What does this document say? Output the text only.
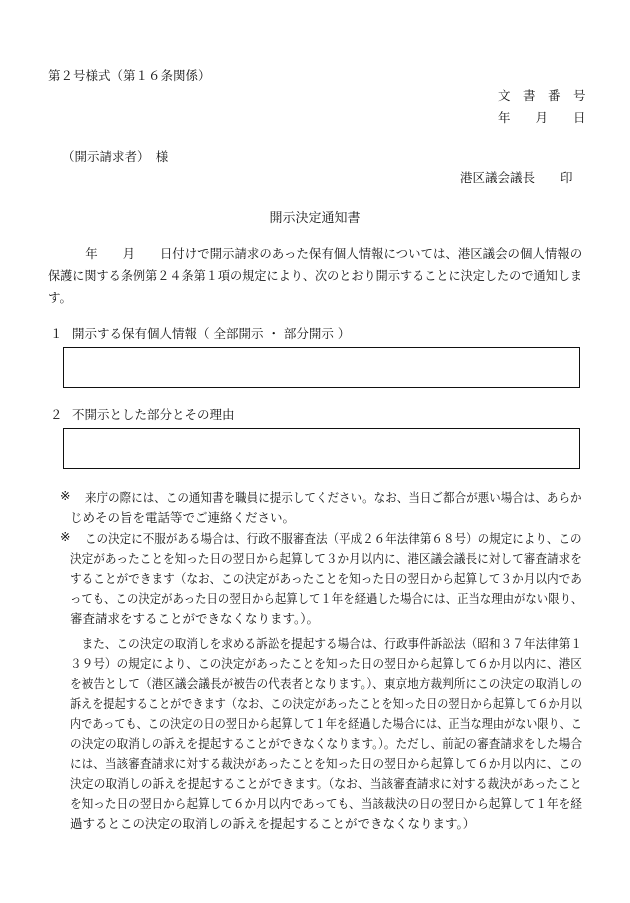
第２号様式（第１６条関係）
文　書　番　号
年　　月　　日
（開示請求者）　様
港区議会議長　　印
開示決定通知書
　　　年　　月　　日付けで開示請求のあった保有個人情報については、港区議会の個人情報の
保護に関する条例第２４条第１項の規定により、次のとおり開示することに決定したので通知しま
す。
１ 開示する保有個人情報（ 全部開示 ・ 部分開示 ）
２ 不開示とした部分とその理由
※ 来庁の際には、この通知書を職員に提示してください。なお、当日ご都合が悪い場合は、あらか
じめその旨を電話等でご連絡ください。
※ この決定に不服がある場合は、行政不服審査法（平成２６年法律第６８号）の規定により、この
決定があったことを知った日の翌日から起算して３か月以内に、港区議会議長に対して審査請求を
することができます（なお、この決定があったことを知った日の翌日から起算して３か月以内であ
っても、この決定があった日の翌日から起算して１年を経過した場合には、正当な理由がない限り、
審査請求をすることができなくなります。）。
　また、この決定の取消しを求める訴訟を提起する場合は、行政事件訴訟法（昭和３７年法律第１
３９号）の規定により、この決定があったことを知った日の翌日から起算して６か月以内に、港区
を被告として（港区議会議長が被告の代表者となります。）、東京地方裁判所にこの決定の取消しの
訴えを提起することができます（なお、この決定があったことを知った日の翌日から起算して６か月以
内であっても、この決定の日の翌日から起算して１年を経過した場合には、正当な理由がない限り、こ
の決定の取消しの訴えを提起することができなくなります。）。ただし、前記の審査請求をした場合
には、当該審査請求に対する裁決があったことを知った日の翌日から起算して６か月以内に、この
決定の取消しの訴えを提起することができます。（なお、当該審査請求に対する裁決があったこと
を知った日の翌日から起算して６か月以内であっても、当該裁決の日の翌日から起算して１年を経
過するとこの決定の取消しの訴えを提起することができなくなります。）
